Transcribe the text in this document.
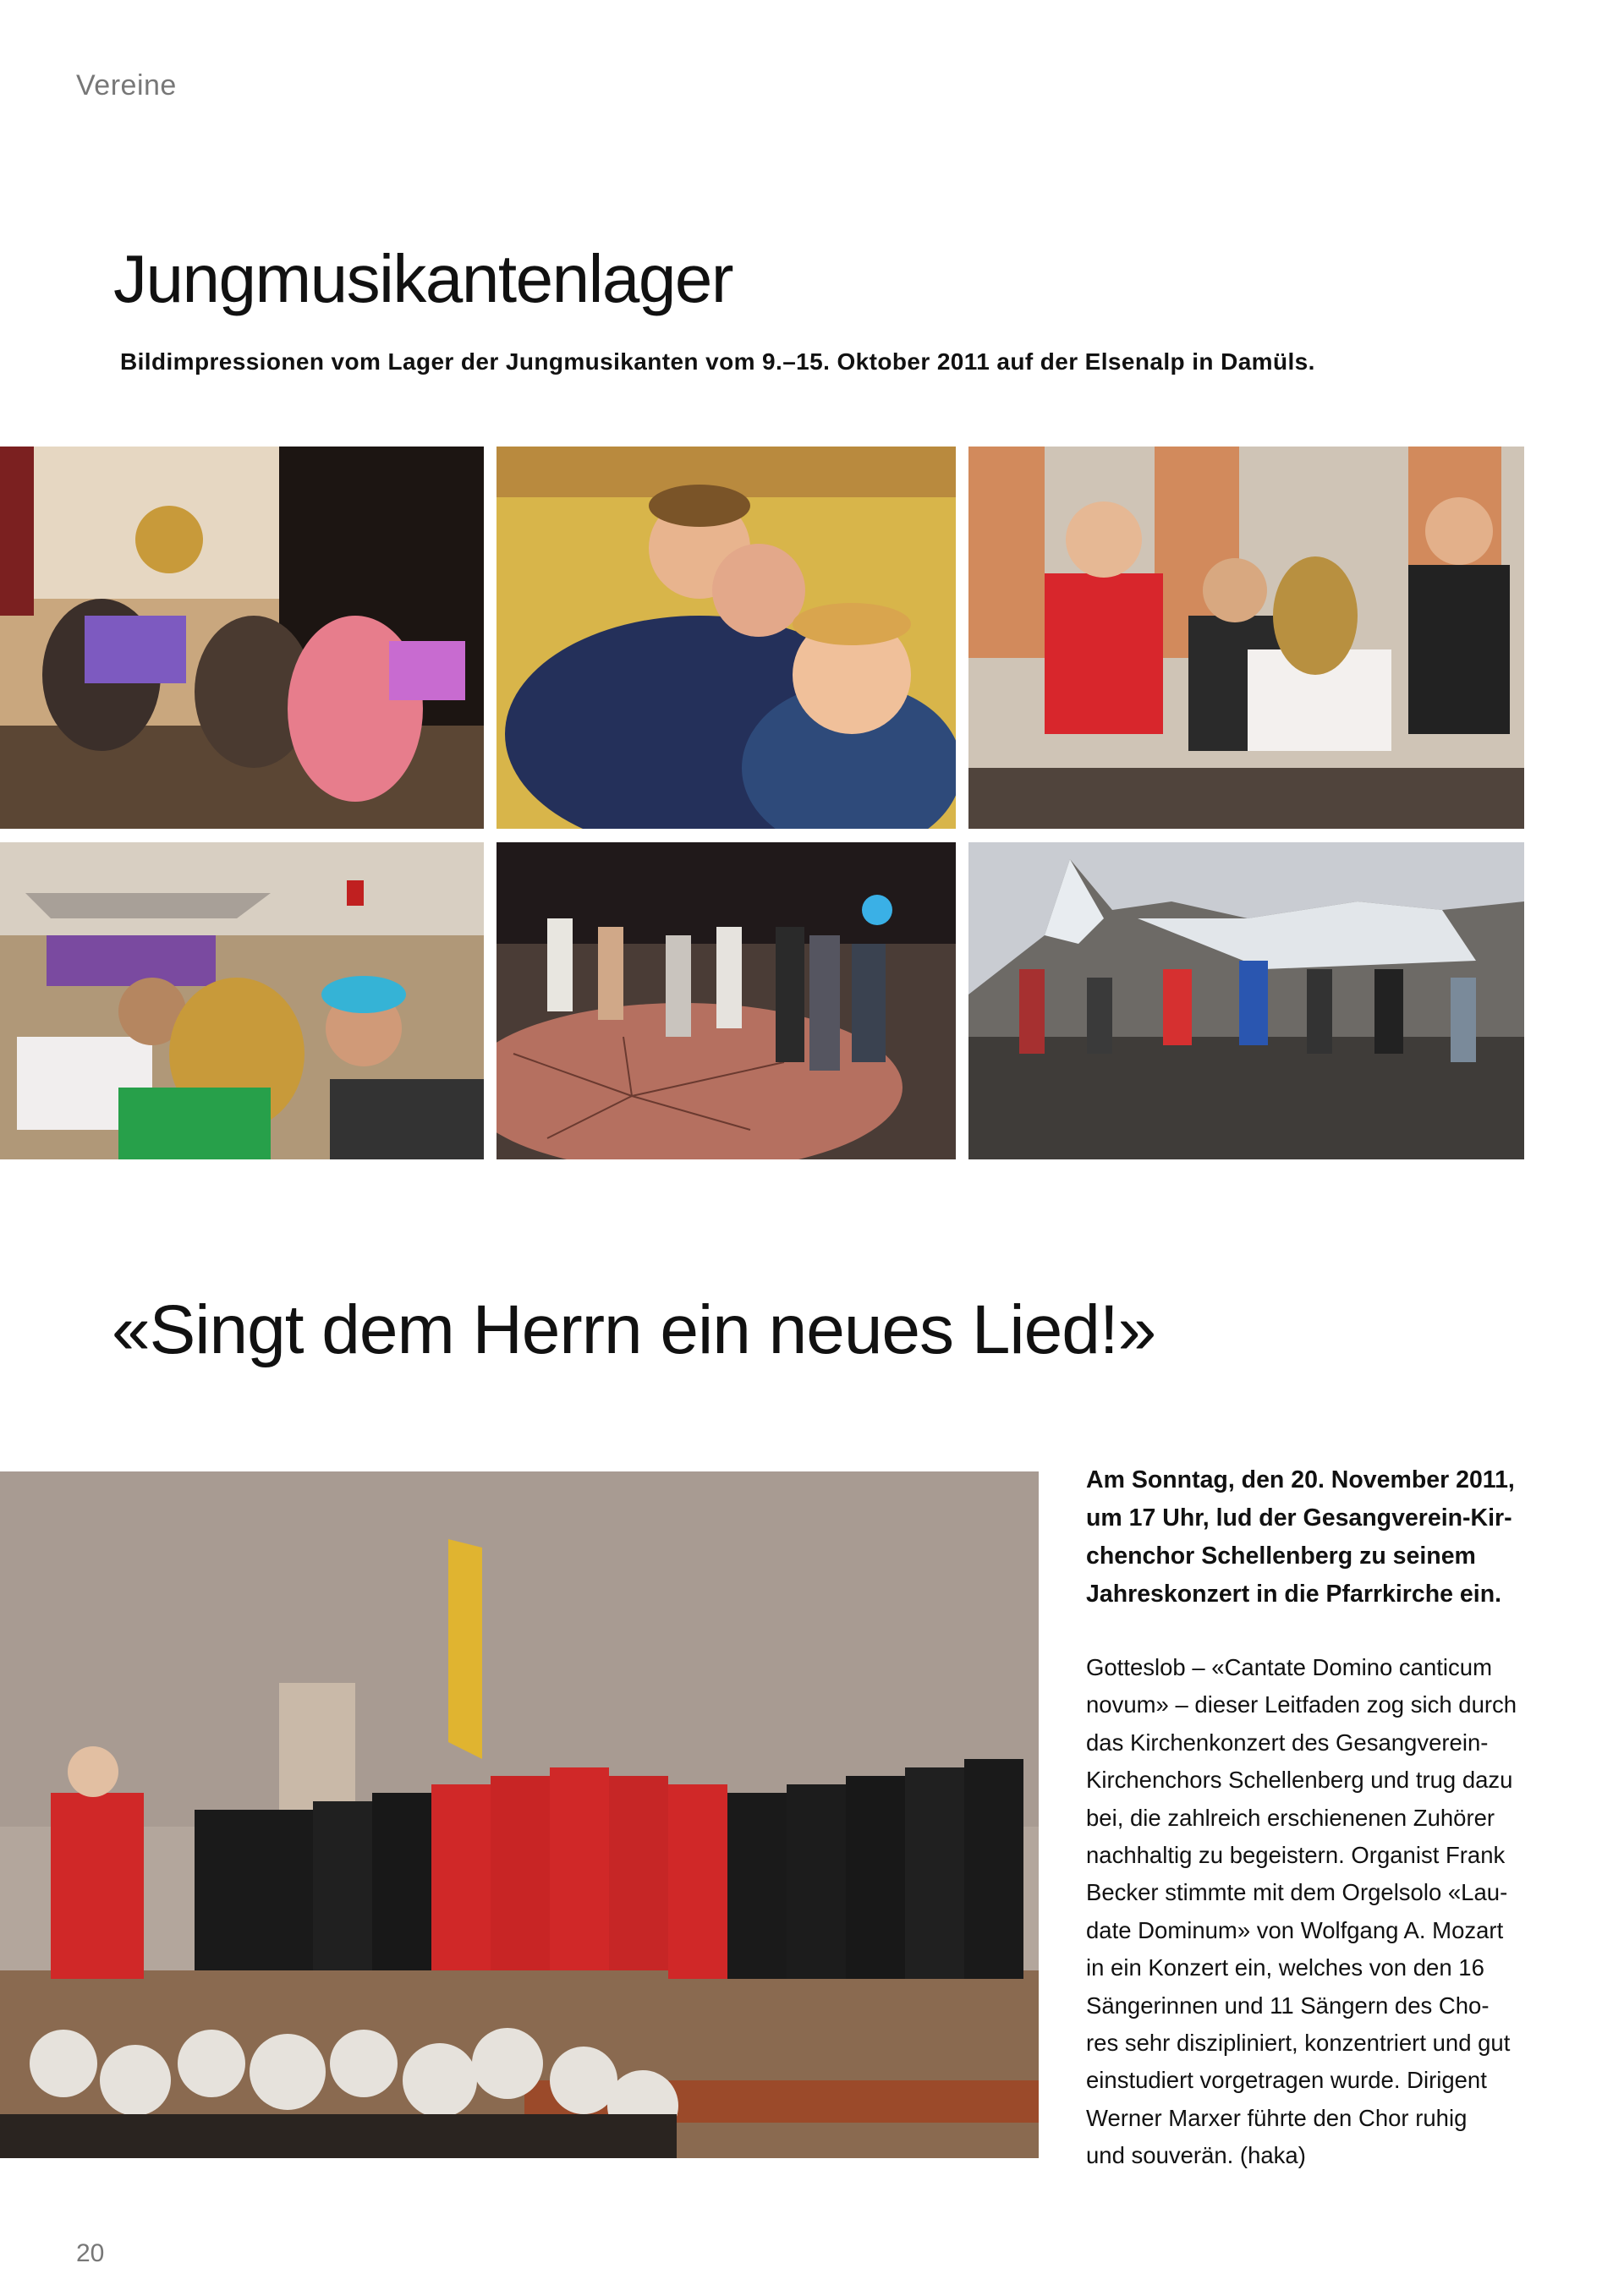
Vereine
Jungmusikantenlager
Bildimpressionen vom Lager der Jungmusikanten vom 9.–15. Oktober 2011 auf der Elsenalp in Damüls.
«Singt dem Herrn ein neues Lied!»
Am Sonntag, den 20. November 2011,
um 17 Uhr, lud der Gesangverein-Kir-
chenchor Schellenberg zu seinem
Jahreskonzert in die Pfarrkirche ein.
Gotteslob – «Cantate Domino canticum
novum» – dieser Leitfaden zog sich durch
das Kirchenkonzert des Gesangverein-
Kirchenchors Schellenberg und trug dazu
bei, die zahlreich erschienenen Zuhörer
nachhaltig zu begeistern. Organist Frank
Becker stimmte mit dem Orgelsolo «Lau-
date Dominum» von Wolfgang A. Mozart
in ein Konzert ein, welches von den 16
Sängerinnen und 11 Sängern des Cho-
res sehr diszipliniert, konzentriert und gut
einstudiert vorgetragen wurde. Dirigent
Werner Marxer führte den Chor ruhig
und souverän. (haka)
20
